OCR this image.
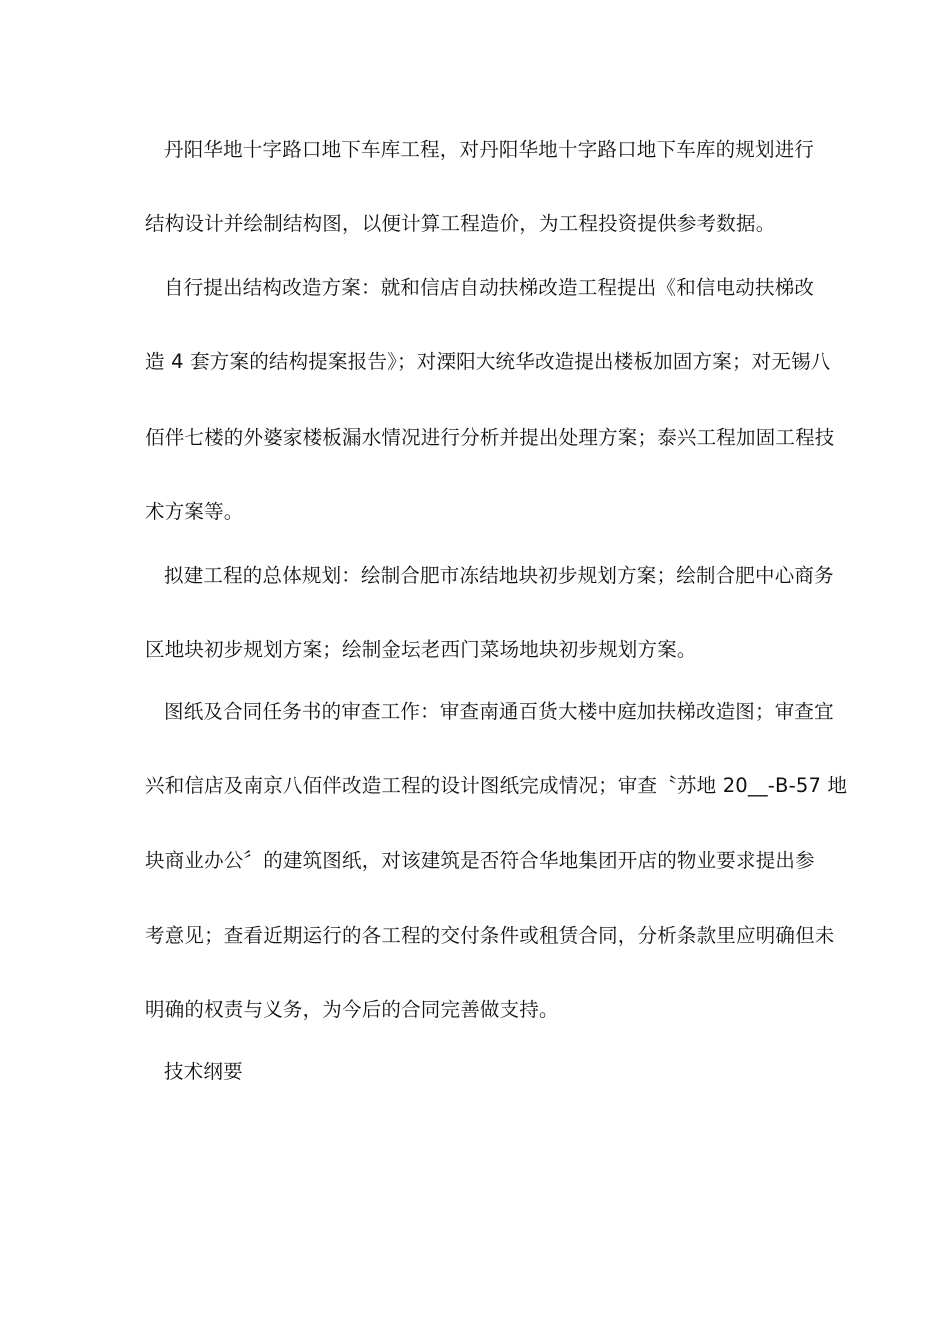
丹阳华地十字路口地下车库工程，对丹阳华地十字路口地下车库的规划进行
结构设计并绘制结构图，以便计算工程造价，为工程投资提供参考数据。
自行提出结构改造方案：就和信店自动扶梯改造工程提出《和信电动扶梯改
造 4 套方案的结构提案报告》；对溧阳大统华改造提出楼板加固方案；对无锡八
佰伴七楼的外婆家楼板漏水情况进行分析并提出处理方案；泰兴工程加固工程技
术方案等。
拟建工程的总体规划：绘制合肥市冻结地块初步规划方案；绘制合肥中心商务
区地块初步规划方案；绘制金坛老西门菜场地块初步规划方案。
图纸及合同任务书的审查工作：审查南通百货大楼中庭加扶梯改造图；审查宜
兴和信店及南京八佰伴改造工程的设计图纸完成情况；审查〝苏地 20__-B-57 地
块商业办公〞的建筑图纸，对该建筑是否符合华地集团开店的物业要求提出参
考意见；查看近期运行的各工程的交付条件或租赁合同，分析条款里应明确但未
明确的权责与义务，为今后的合同完善做支持。
技术纲要
